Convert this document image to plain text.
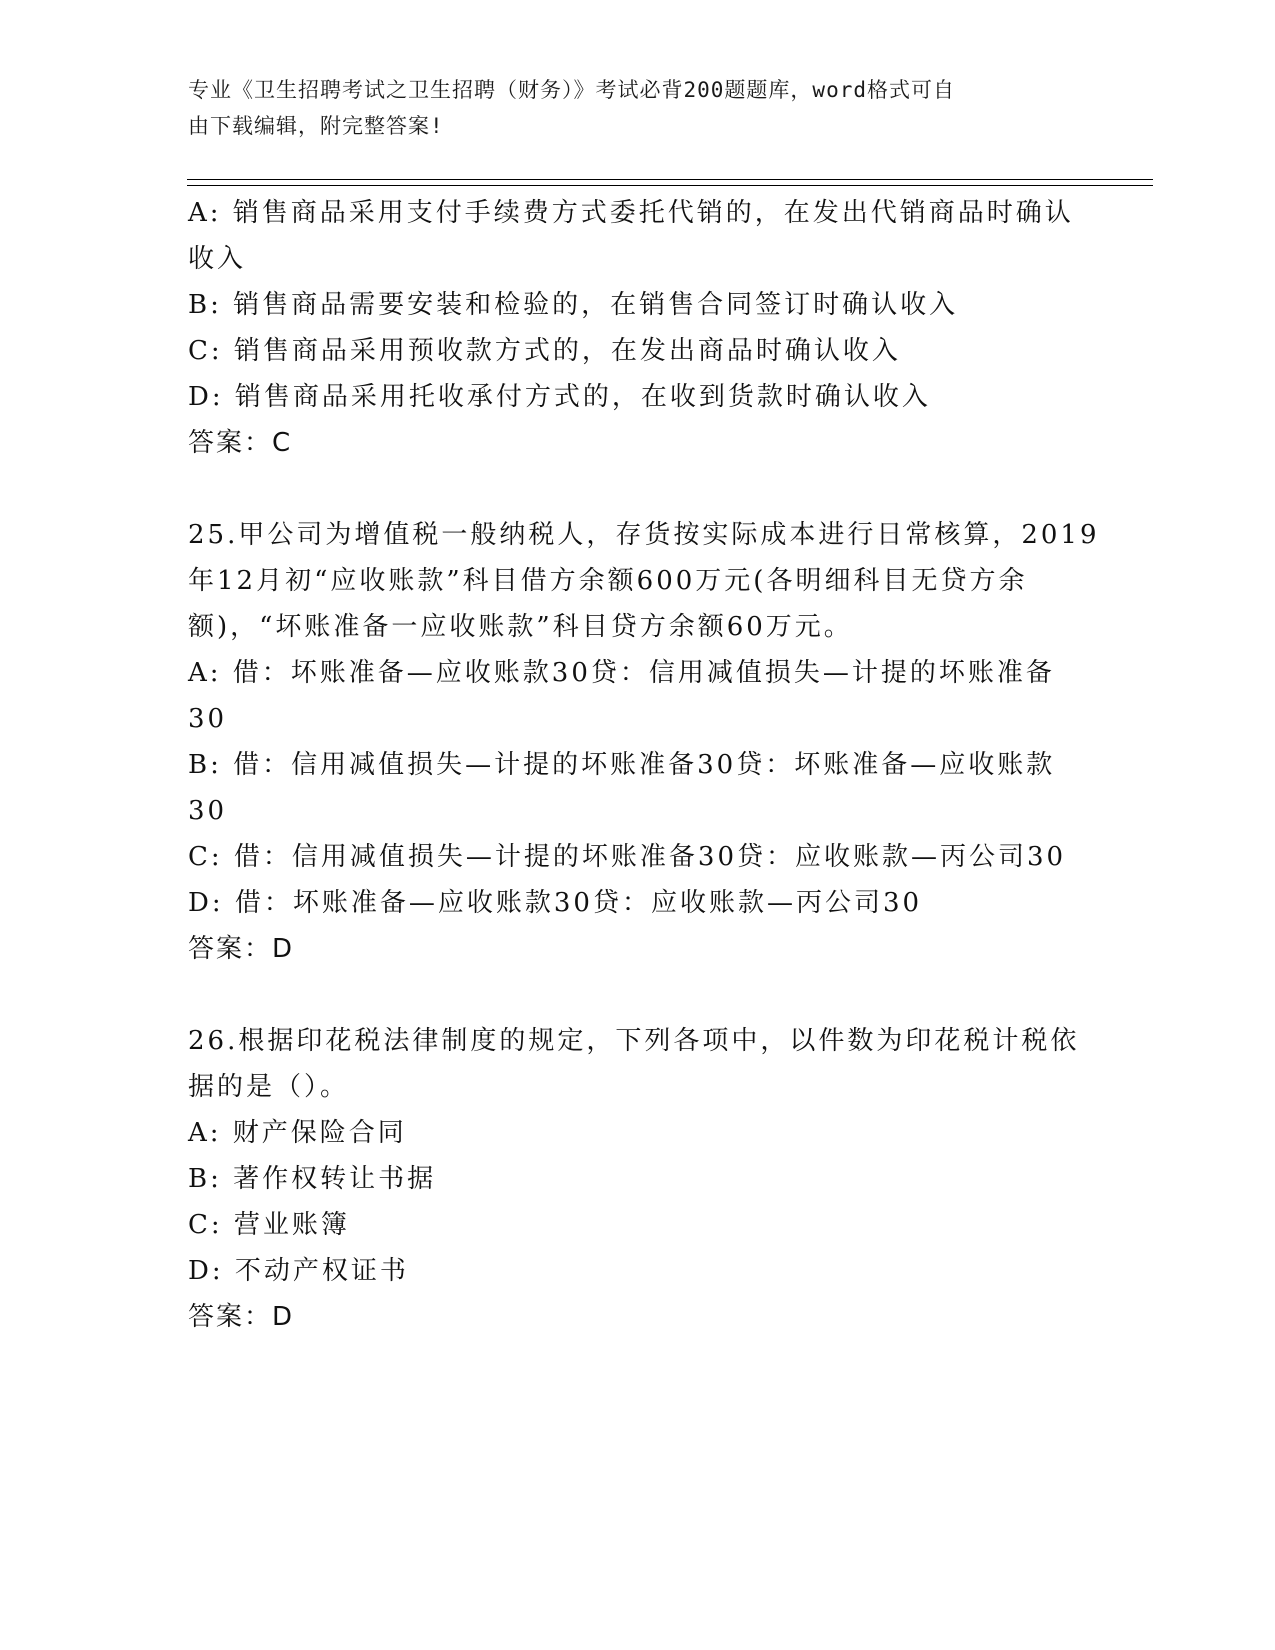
专业《卫生招聘考试之卫生招聘（财务）》考试必背200题题库，word格式可自
由下载编辑，附完整答案!
A: 销售商品采用支付手续费方式委托代销的，在发出代销商品时确认
收入
B: 销售商品需要安装和检验的，在销售合同签订时确认收入
C: 销售商品采用预收款方式的，在发出商品时确认收入
D: 销售商品采用托收承付方式的，在收到货款时确认收入
答案：C
25.甲公司为增值税一般纳税人，存货按实际成本进行日常核算，2019
年12月初“应收账款”科目借方余额600万元(各明细科目无贷方余
额)，“坏账准备一应收账款”科目贷方余额60万元。
A: 借：坏账准备—应收账款30贷：信用减值损失—计提的坏账准备
30
B: 借：信用减值损失—计提的坏账准备30贷：坏账准备—应收账款
30
C: 借：信用减值损失—计提的坏账准备30贷：应收账款—丙公司30
D: 借：坏账准备—应收账款30贷：应收账款—丙公司30
答案：D
26.根据印花税法律制度的规定，下列各项中，以件数为印花税计税依
据的是（）。
A: 财产保险合同
B: 著作权转让书据
C: 营业账簿
D: 不动产权证书
答案：D
